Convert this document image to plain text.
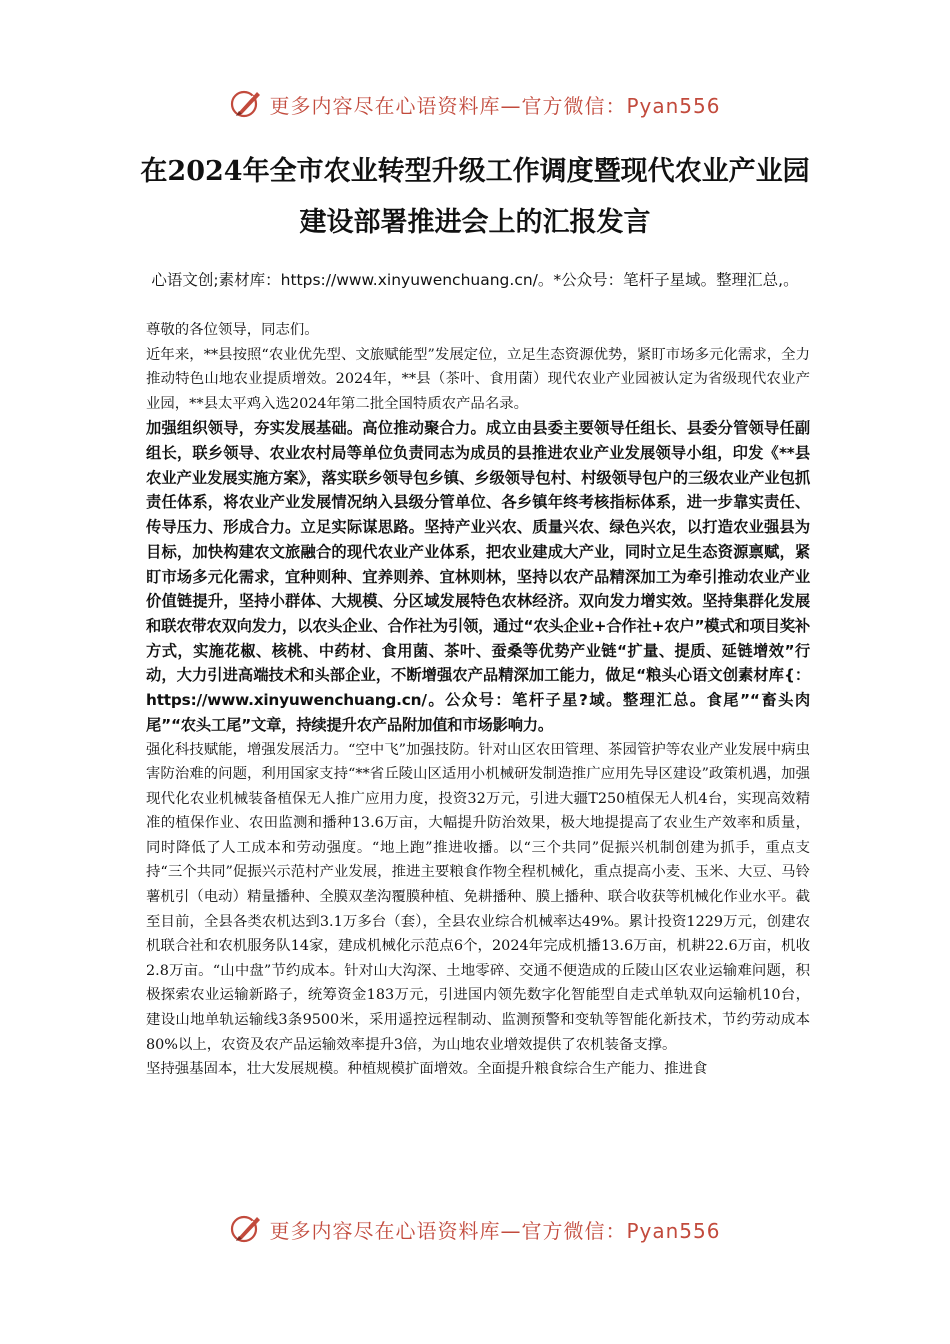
更多内容尽在心语资料库—官方微信：Pyan556
在2024年全市农业转型升级工作调度暨现代农业产业园建设部署推进会上的汇报发言
心语文创;素材库：https://www.xinyuwenchuang.cn/。*公众号：笔杆子星域。整理汇总,。

尊敬的各位领导，同志们。

近年来，**县按照“农业优先型、文旅赋能型”发展定位，立足生态资源优势，紧盯市场多元化需求，全力推动特色山地农业提质增效。2024年，**县（茶叶、食用菌）现代农业产业园被认定为省级现代农业产业园，**县太平鸡入选2024年第二批全国特质农产品名录。

加强组织领导，夯实发展基础。高位推动聚合力。成立由县委主要领导任组长、县委分管领导任副组长，联乡领导、农业农村局等单位负责同志为成员的县推进农业产业发展领导小组，印发《**县农业产业发展实施方案》，落实联乡领导包乡镇、乡级领导包村、村级领导包户的三级农业产业包抓责任体系，将农业产业发展情况纳入县级分管单位、各乡镇年终考核指标体系，进一步靠实责任、传导压力、形成合力。立足实际谋思路。坚持产业兴农、质量兴农、绿色兴农，以打造农业强县为目标，加快构建农文旅融合的现代农业产业体系，把农业建成大产业，同时立足生态资源禀赋，紧盯市场多元化需求，宜种则种、宜养则养、宜林则林，坚持以农产品精深加工为牵引推动农业产业价值链提升，坚持小群体、大规模、分区域发展特色农林经济。双向发力增实效。坚持集群化发展和联农带农双向发力，以农头企业、合作社为引领，通过“农头企业+合作社+农户”模式和项目奖补方式，实施花椒、核桃、中药材、食用菌、茶叶、蚕桑等优势产业链“扩量、提质、延链增效”行动，大力引进高端技术和头部企业，不断增强农产品精深加工能力，做足“粮头心语文创素材库{：https://www.xinyuwenchuang.cn/。公众号：笔杆子星?域。整理汇总。食尾”“畜头肉尾”“农头工尾”文章，持续提升农产品附加值和市场影响力。

强化科技赋能，增强发展活力。“空中飞”加强技防。针对山区农田管理、茶园管护等农业产业发展中病虫害防治难的问题，利用国家支持“**省丘陵山区适用小机械研发制造推广应用先导区建设”政策机遇，加强现代化农业机械装备植保无人推广应用力度，投资32万元，引进大疆T250植保无人机4台，实现高效精准的植保作业、农田监测和播种13.6万亩，大幅提升防治效果，极大地提提高了农业生产效率和质量，同时降低了人工成本和劳动强度。“地上跑”推进收播。以“三个共同”促振兴机制创建为抓手，重点支持“三个共同”促振兴示范村产业发展，推进主要粮食作物全程机械化，重点提高小麦、玉米、大豆、马铃薯机引（电动）精量播种、全膜双垄沟覆膜种植、免耕播种、膜上播种、联合收获等机械化作业水平。截至目前，全县各类农机达到3.1万多台（套），全县农业综合机械率达49%。累计投资1229万元，创建农机联合社和农机服务队14家，建成机械化示范点6个，2024年完成机播13.6万亩，机耕22.6万亩，机收2.8万亩。“山中盘”节约成本。针对山大沟深、土地零碎、交通不便造成的丘陵山区农业运输难问题，积极探索农业运输新路子，统筹资金183万元，引进国内领先数字化智能型自走式单轨双向运输机10台，建设山地单轨运输线3条9500米，采用遥控远程制动、监测预警和变轨等智能化新技术，节约劳动成本80%以上，农资及农产品运输效率提升3倍，为山地农业增效提供了农机装备支撑。

坚持强基固本，壮大发展规模。种植规模扩面增效。全面提升粮食综合生产能力、推进食

更多内容尽在心语资料库—官方微信：Pyan556
